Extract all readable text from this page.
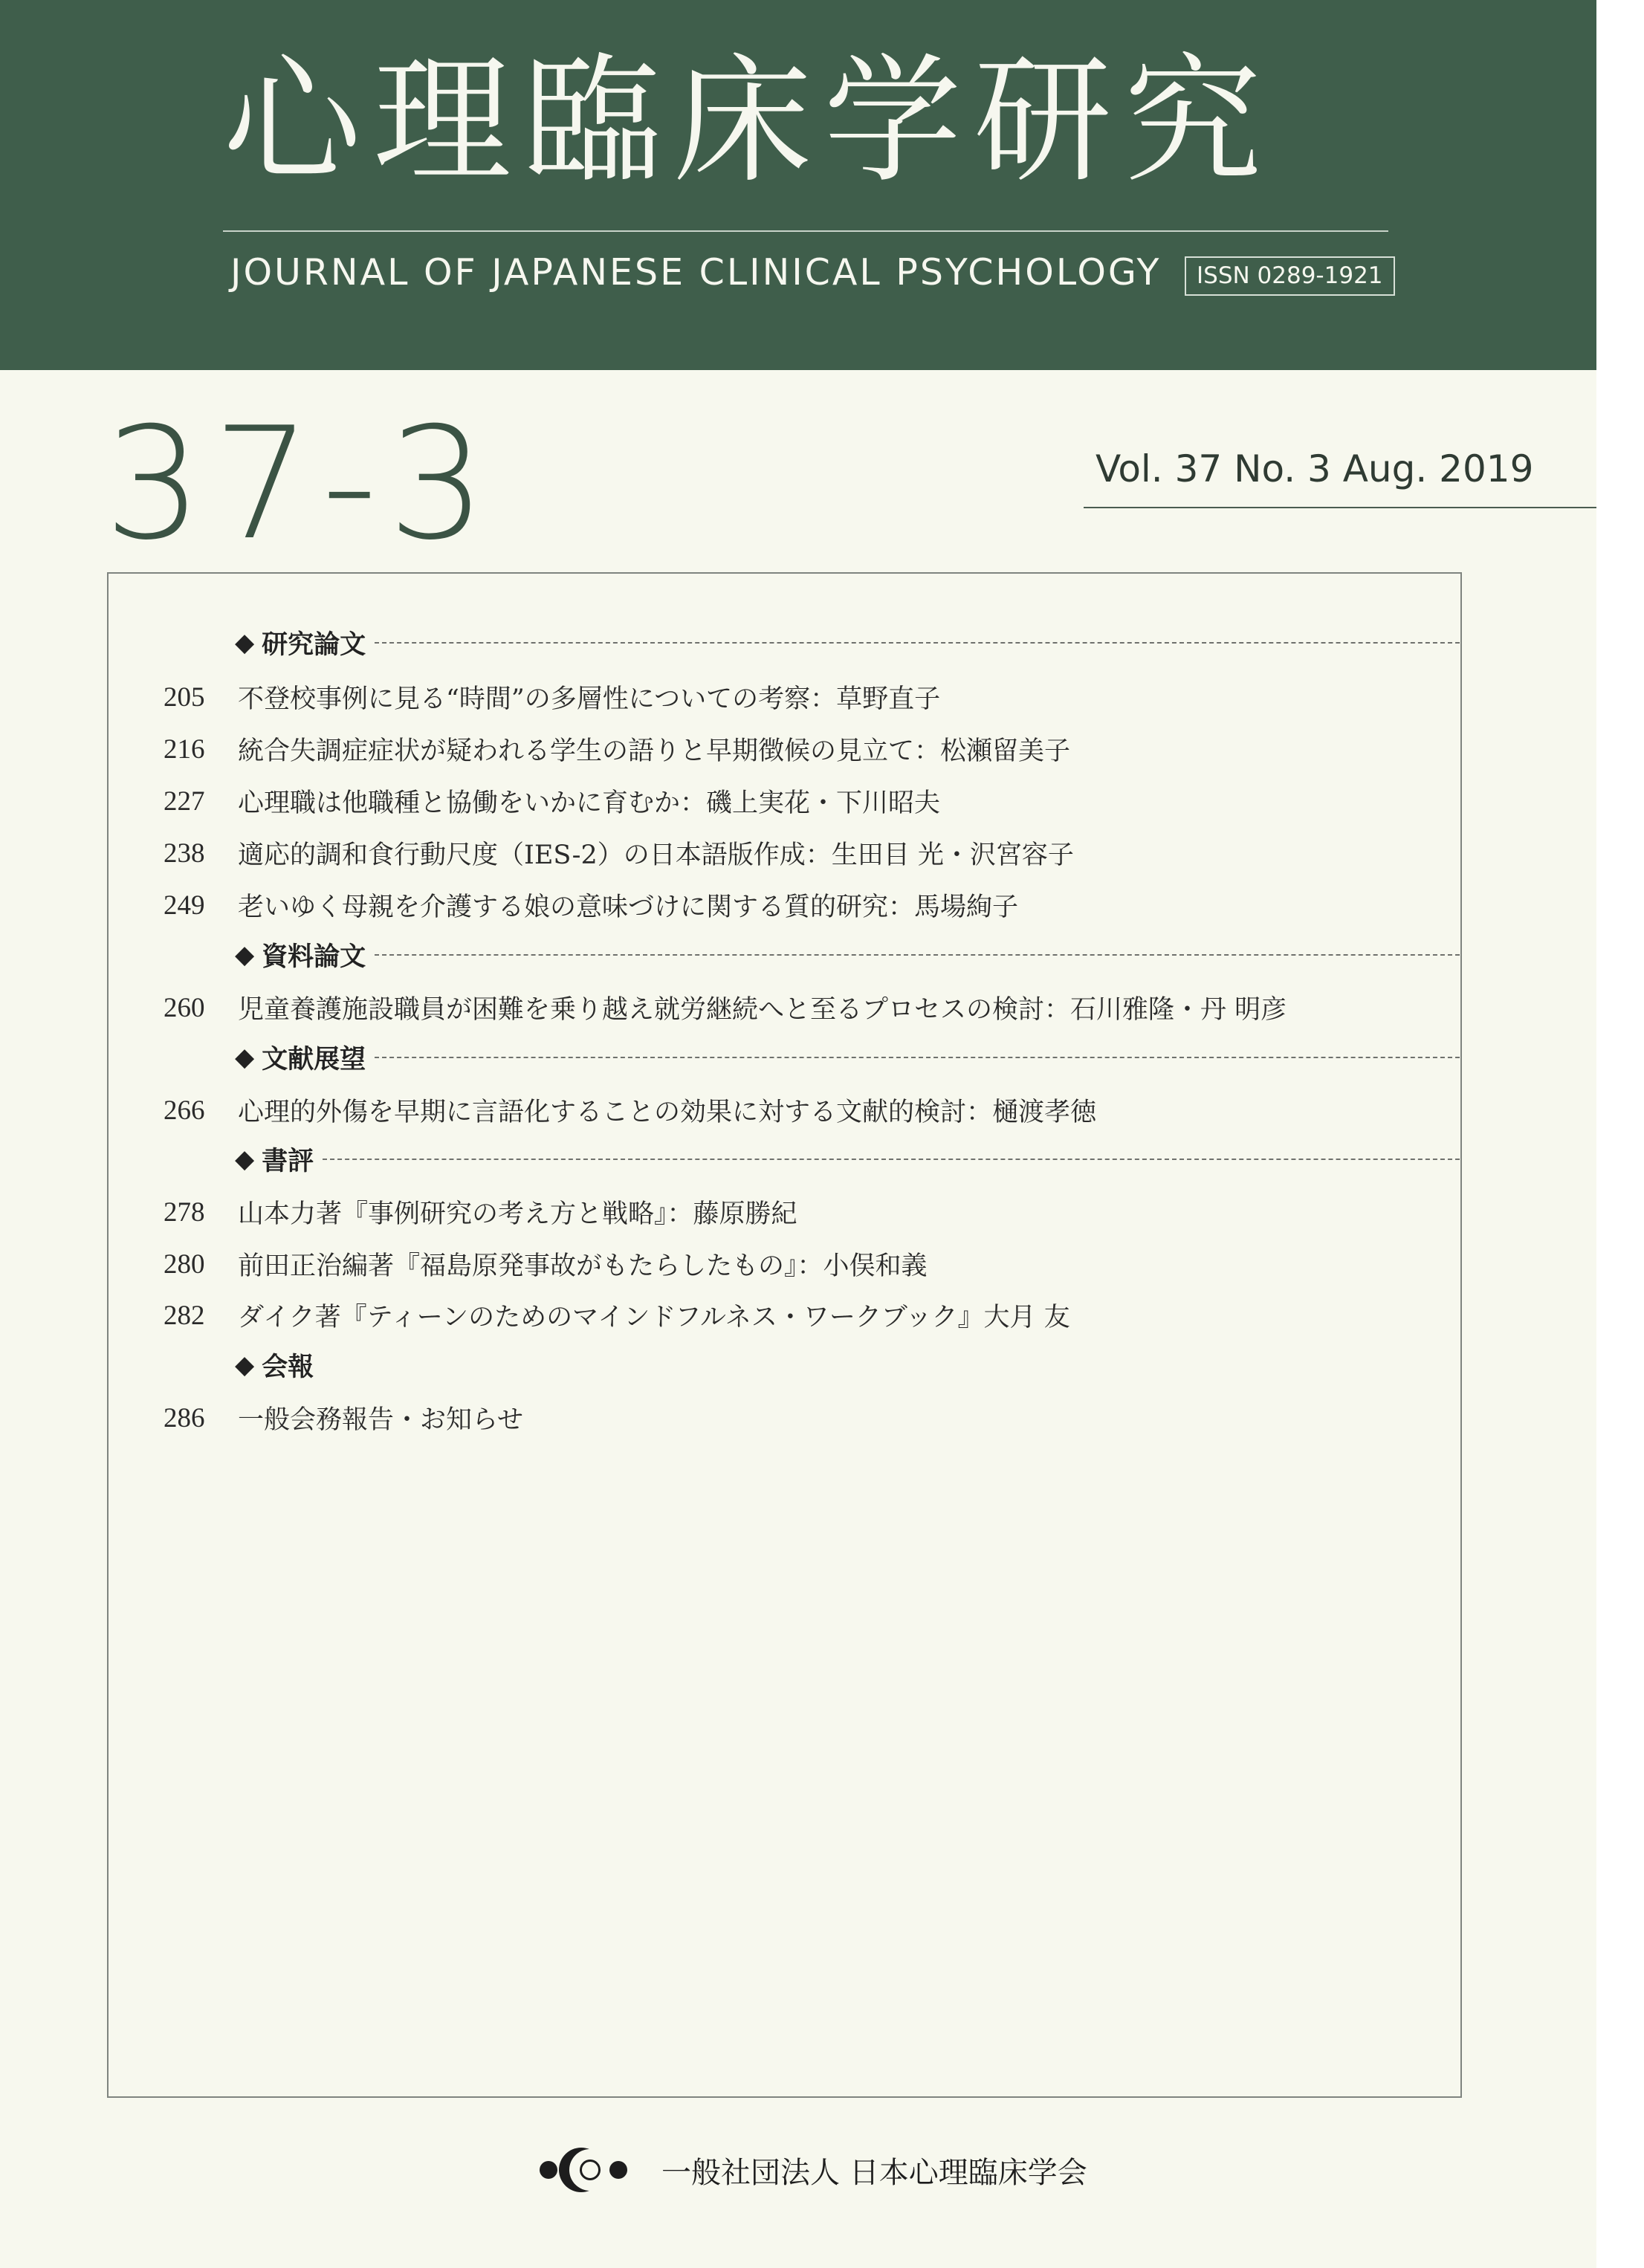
心理臨床学研究
JOURNAL OF JAPANESE CLINICAL PSYCHOLOGY	ISSN 0289-1921
37-3	Vol. 37 No. 3 Aug. 2019
◆ 研究論文
205	不登校事例に見る“時間”の多層性についての考察：草野直子
216	統合失調症症状が疑われる学生の語りと早期徴候の見立て：松瀬留美子
227	心理職は他職種と協働をいかに育むか：磯上実花・下川昭夫
238	適応的調和食行動尺度（IES-2）の日本語版作成：生田目 光・沢宮容子
249	老いゆく母親を介護する娘の意味づけに関する質的研究：馬場絢子
◆ 資料論文
260	児童養護施設職員が困難を乗り越え就労継続へと至るプロセスの検討：石川雅隆・丹 明彦
◆ 文献展望
266	心理的外傷を早期に言語化することの効果に対する文献的検討：樋渡孝徳
◆ 書評
278	山本力著『事例研究の考え方と戦略』：藤原勝紀
280	前田正治編著『福島原発事故がもたらしたもの』：小俣和義
282	ダイク著『ティーンのためのマインドフルネス・ワークブック』大月 友
◆ 会報
286	一般会務報告・お知らせ
一般社団法人 日本心理臨床学会
